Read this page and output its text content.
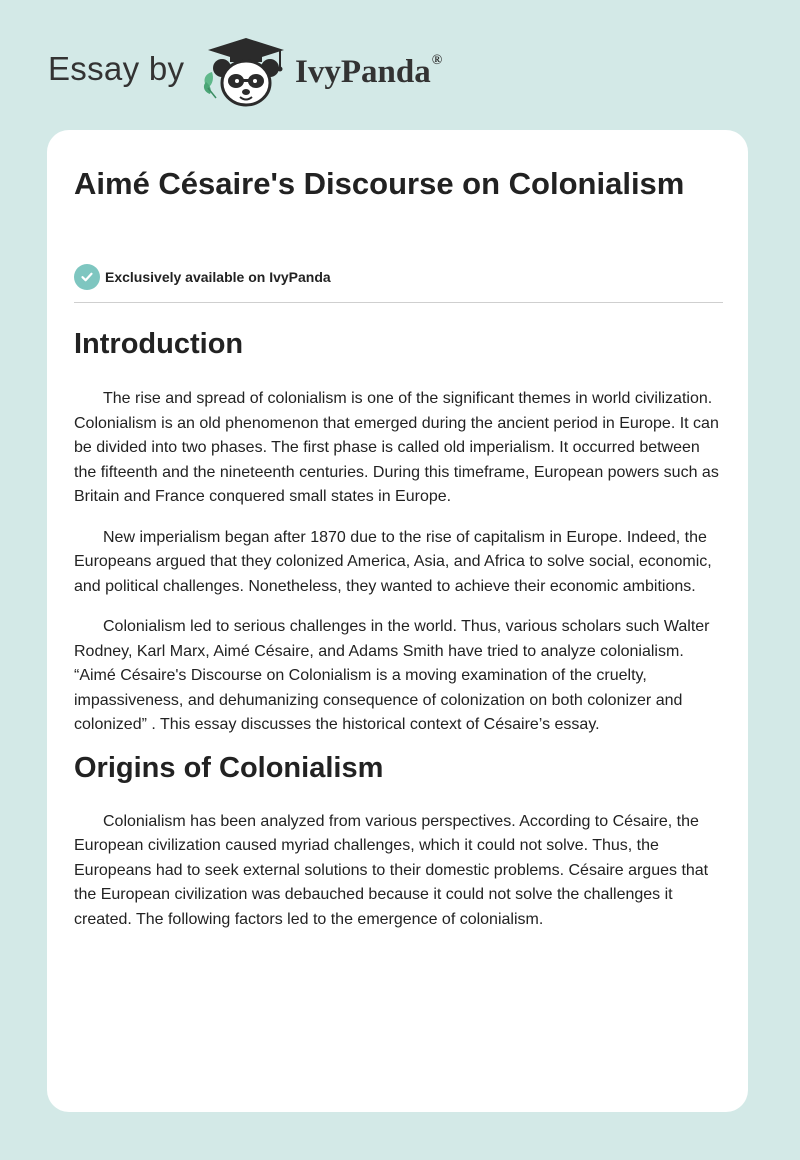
Essay by	IvyPanda®
Aimé Césaire's Discourse on Colonialism
Exclusively available on IvyPanda
Introduction

The rise and spread of colonialism is one of the significant themes in world civilization. Colonialism is an old phenomenon that emerged during the ancient period in Europe. It can be divided into two phases. The first phase is called old imperialism. It occurred between the fifteenth and the nineteenth centuries. During this timeframe, European powers such as Britain and France conquered small states in Europe.

New imperialism began after 1870 due to the rise of capitalism in Europe. Indeed, the Europeans argued that they colonized America, Asia, and Africa to solve social, economic, and political challenges. Nonetheless, they wanted to achieve their economic ambitions.

Colonialism led to serious challenges in the world. Thus, various scholars such Walter Rodney, Karl Marx, Aimé Césaire, and Adams Smith have tried to analyze colonialism. “Aimé Césaire's Discourse on Colonialism is a moving examination of the cruelty, impassiveness, and dehumanizing consequence of colonization on both colonizer and colonized” . This essay discusses the historical context of Césaire’s essay.

Origins of Colonialism

Colonialism has been analyzed from various perspectives. According to Césaire, the European civilization caused myriad challenges, which it could not solve. Thus, the Europeans had to seek external solutions to their domestic problems. Césaire argues that the European civilization was debauched because it could not solve the challenges it created. The following factors led to the emergence of colonialism.
